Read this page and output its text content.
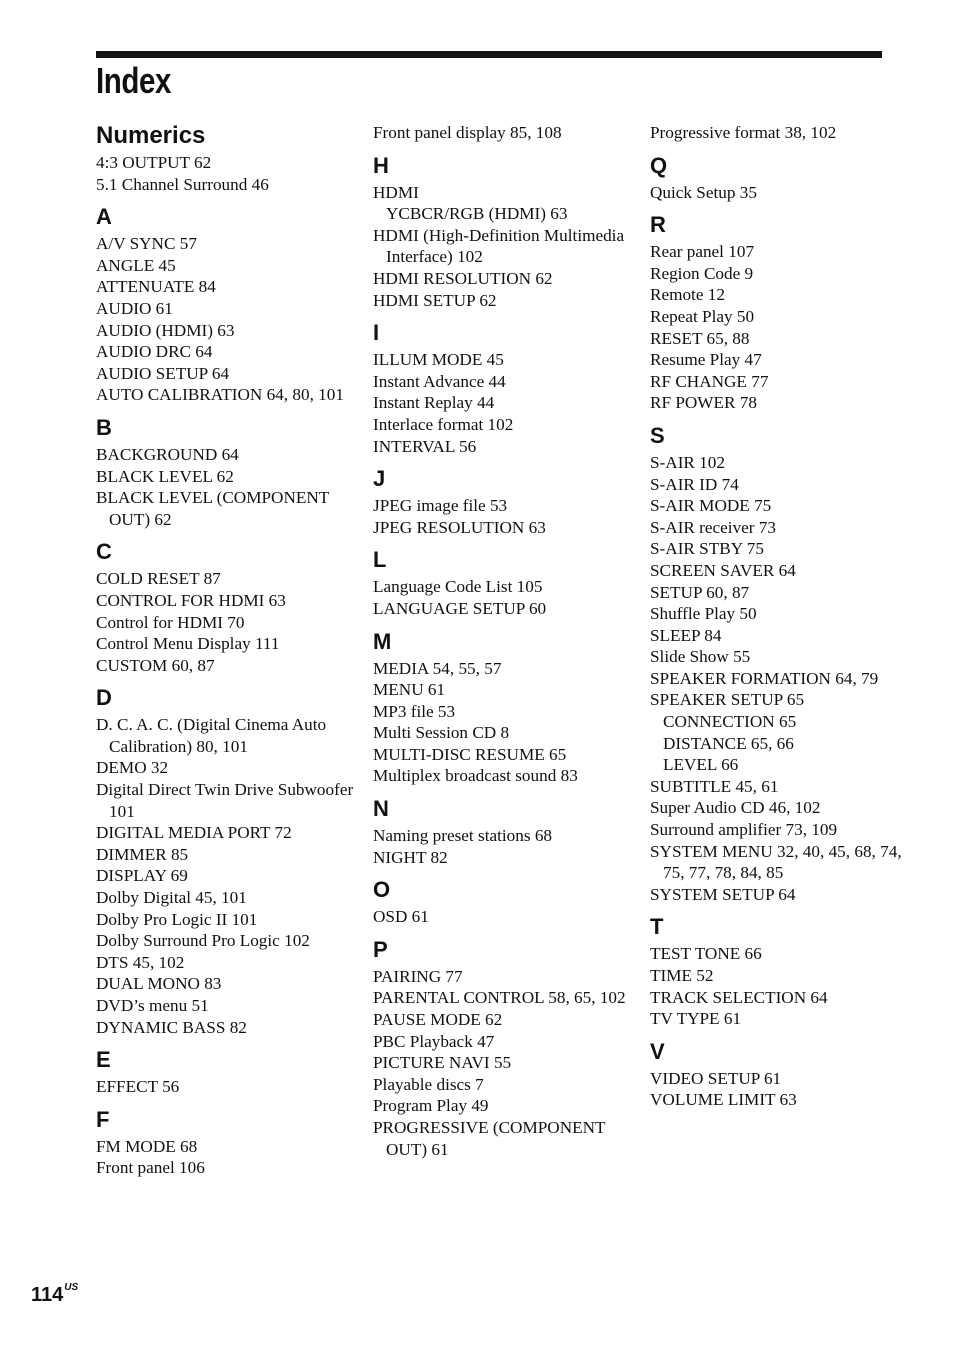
Index
Numerics
4:3 OUTPUT 62
5.1 Channel Surround 46
A
A/V SYNC 57
ANGLE 45
ATTENUATE 84
AUDIO 61
AUDIO (HDMI) 63
AUDIO DRC 64
AUDIO SETUP 64
AUTO CALIBRATION 64, 80, 101
B
BACKGROUND 64
BLACK LEVEL 62
BLACK LEVEL (COMPONENT OUT) 62
C
COLD RESET 87
CONTROL FOR HDMI 63
Control for HDMI 70
Control Menu Display 111
CUSTOM 60, 87
D
D. C. A. C. (Digital Cinema Auto Calibration) 80, 101
DEMO 32
Digital Direct Twin Drive Subwoofer 101
DIGITAL MEDIA PORT 72
DIMMER 85
DISPLAY 69
Dolby Digital 45, 101
Dolby Pro Logic II 101
Dolby Surround Pro Logic 102
DTS 45, 102
DUAL MONO 83
DVD’s menu 51
DYNAMIC BASS 82
E
EFFECT 56
F
FM MODE 68
Front panel 106
Front panel display 85, 108
H
HDMI
YCBCR/RGB (HDMI) 63
HDMI (High-Definition Multimedia Interface) 102
HDMI RESOLUTION 62
HDMI SETUP 62
I
ILLUM MODE 45
Instant Advance 44
Instant Replay 44
Interlace format 102
INTERVAL 56
J
JPEG image file 53
JPEG RESOLUTION 63
L
Language Code List 105
LANGUAGE SETUP 60
M
MEDIA 54, 55, 57
MENU 61
MP3 file 53
Multi Session CD 8
MULTI-DISC RESUME 65
Multiplex broadcast sound 83
N
Naming preset stations 68
NIGHT 82
O
OSD 61
P
PAIRING 77
PARENTAL CONTROL 58, 65, 102
PAUSE MODE 62
PBC Playback 47
PICTURE NAVI 55
Playable discs 7
Program Play 49
PROGRESSIVE (COMPONENT OUT) 61
Progressive format 38, 102
Q
Quick Setup 35
R
Rear panel 107
Region Code 9
Remote 12
Repeat Play 50
RESET 65, 88
Resume Play 47
RF CHANGE 77
RF POWER 78
S
S-AIR 102
S-AIR ID 74
S-AIR MODE 75
S-AIR receiver 73
S-AIR STBY 75
SCREEN SAVER 64
SETUP 60, 87
Shuffle Play 50
SLEEP 84
Slide Show 55
SPEAKER FORMATION 64, 79
SPEAKER SETUP 65
CONNECTION 65
DISTANCE 65, 66
LEVEL 66
SUBTITLE 45, 61
Super Audio CD 46, 102
Surround amplifier 73, 109
SYSTEM MENU 32, 40, 45, 68, 74, 75, 77, 78, 84, 85
SYSTEM SETUP 64
T
TEST TONE 66
TIME 52
TRACK SELECTION 64
TV TYPE 61
V
VIDEO SETUP 61
VOLUME LIMIT 63
114$^{US}$
